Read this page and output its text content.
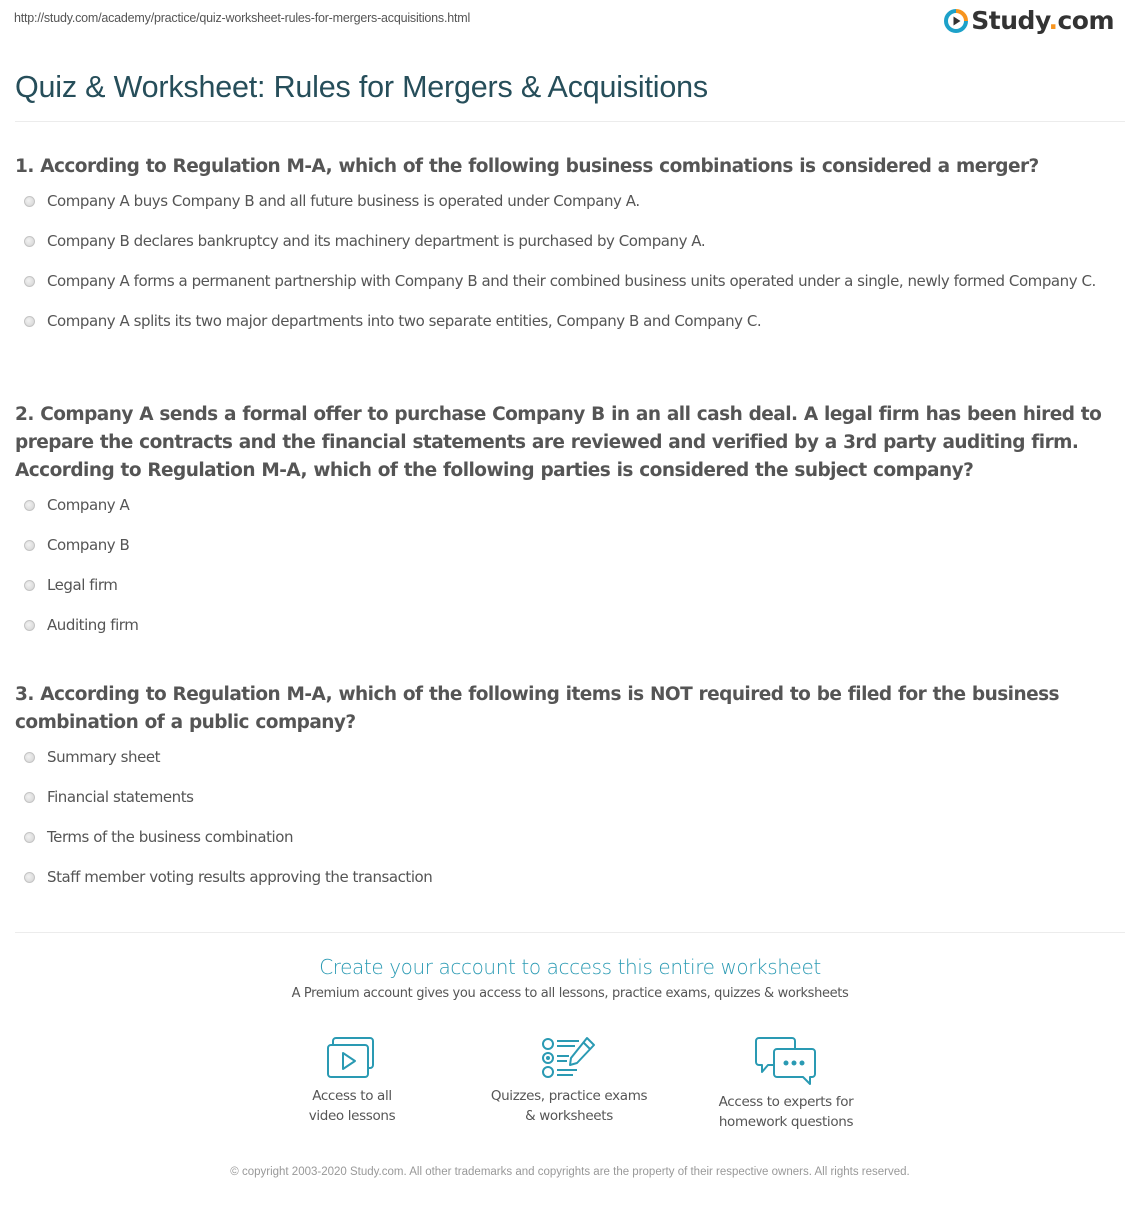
http://study.com/academy/practice/quiz-worksheet-rules-for-mergers-acquisitions.html	Study.com
Quiz & Worksheet: Rules for Mergers & Acquisitions
1. According to Regulation M-A, which of the following business combinations is considered a merger?
Company A buys Company B and all future business is operated under Company A.
Company B declares bankruptcy and its machinery department is purchased by Company A.
Company A forms a permanent partnership with Company B and their combined business units operated under a single, newly formed Company C.
Company A splits its two major departments into two separate entities, Company B and Company C.
2. Company A sends a formal offer to purchase Company B in an all cash deal. A legal firm has been hired to prepare the contracts and the financial statements are reviewed and verified by a 3rd party auditing firm. According to Regulation M-A, which of the following parties is considered the subject company?
Company A
Company B
Legal firm
Auditing firm
3. According to Regulation M-A, which of the following items is NOT required to be filed for the business combination of a public company?
Summary sheet
Financial statements
Terms of the business combination
Staff member voting results approving the transaction
Create your account to access this entire worksheet
A Premium account gives you access to all lessons, practice exams, quizzes & worksheets
Access to all
video lessons
Quizzes, practice exams
& worksheets
Access to experts for
homework questions
© copyright 2003-2020 Study.com. All other trademarks and copyrights are the property of their respective owners. All rights reserved.
